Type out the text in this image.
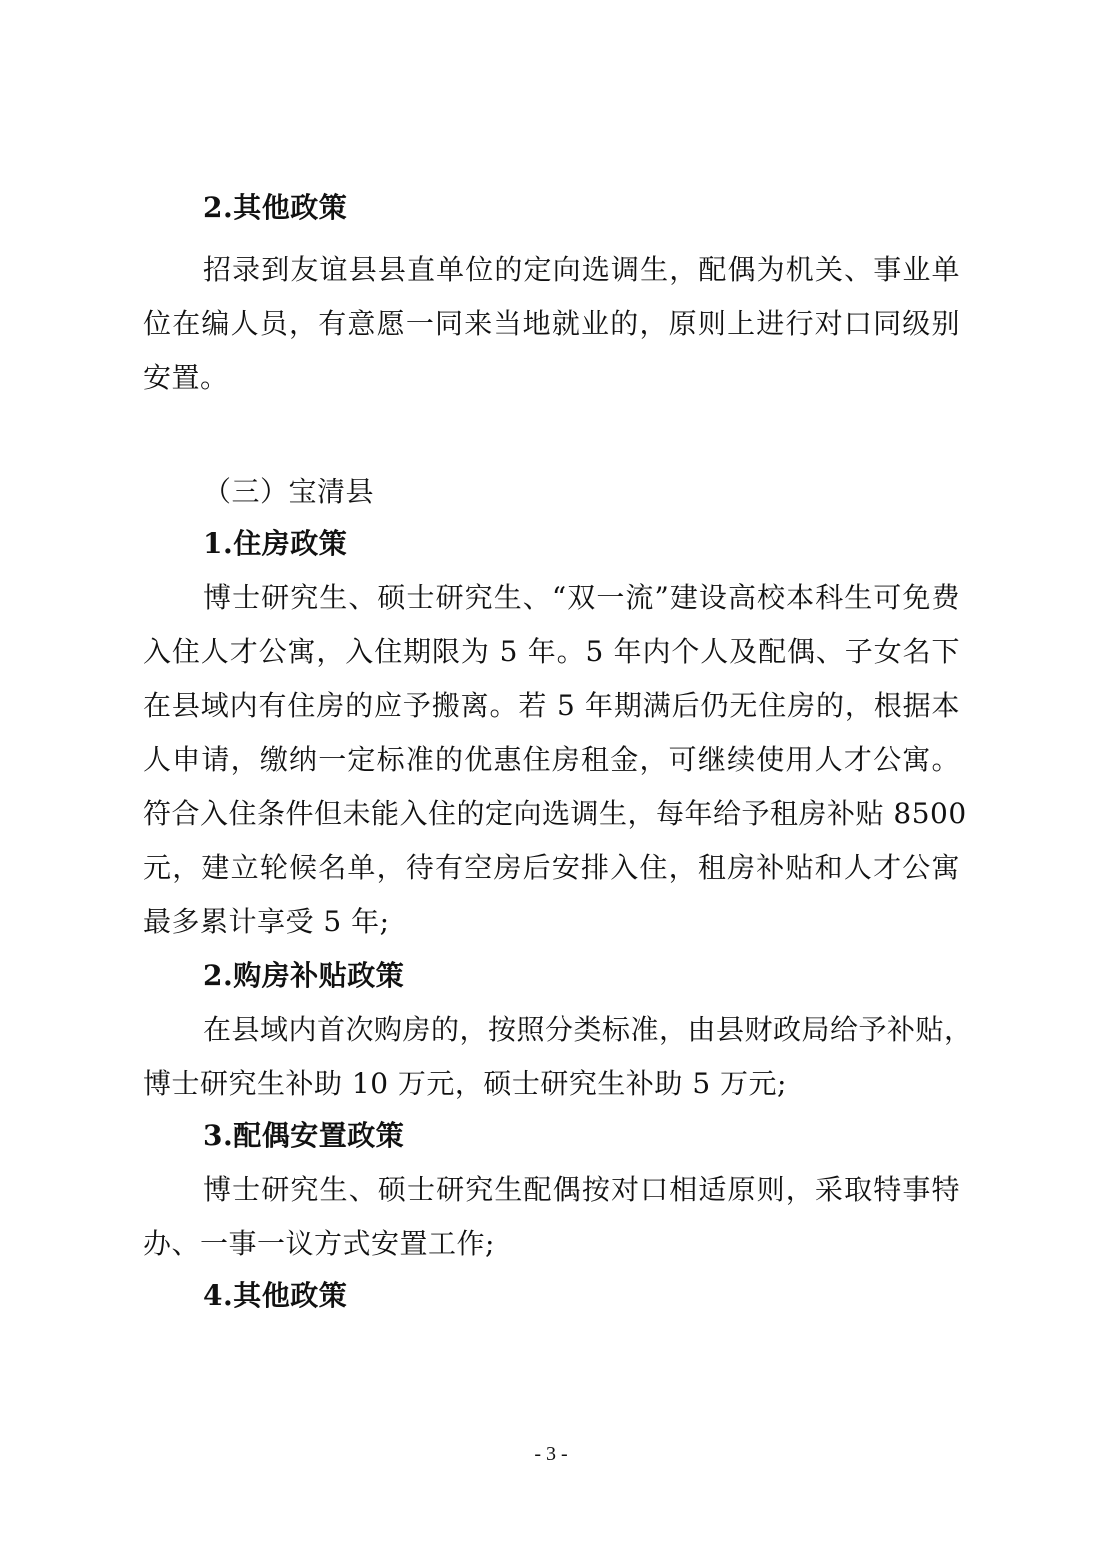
2.其他政策
招录到友谊县县直单位的定向选调生，配偶为机关、事业单
位在编人员，有意愿一同来当地就业的，原则上进行对口同级别
安置。
（三）宝清县
1.住房政策
博士研究生、硕士研究生、“双一流”建设高校本科生可免费
入住人才公寓，入住期限为 5 年。5 年内个人及配偶、子女名下
在县域内有住房的应予搬离。若 5 年期满后仍无住房的，根据本
人申请，缴纳一定标准的优惠住房租金，可继续使用人才公寓。
符合入住条件但未能入住的定向选调生，每年给予租房补贴 8500
元，建立轮候名单，待有空房后安排入住，租房补贴和人才公寓
最多累计享受 5 年;
2.购房补贴政策
在县域内首次购房的，按照分类标准，由县财政局给予补贴，
博士研究生补助 10 万元，硕士研究生补助 5 万元;
3.配偶安置政策
博士研究生、硕士研究生配偶按对口相适原则，采取特事特
办、一事一议方式安置工作;
4.其他政策
- 3 -
